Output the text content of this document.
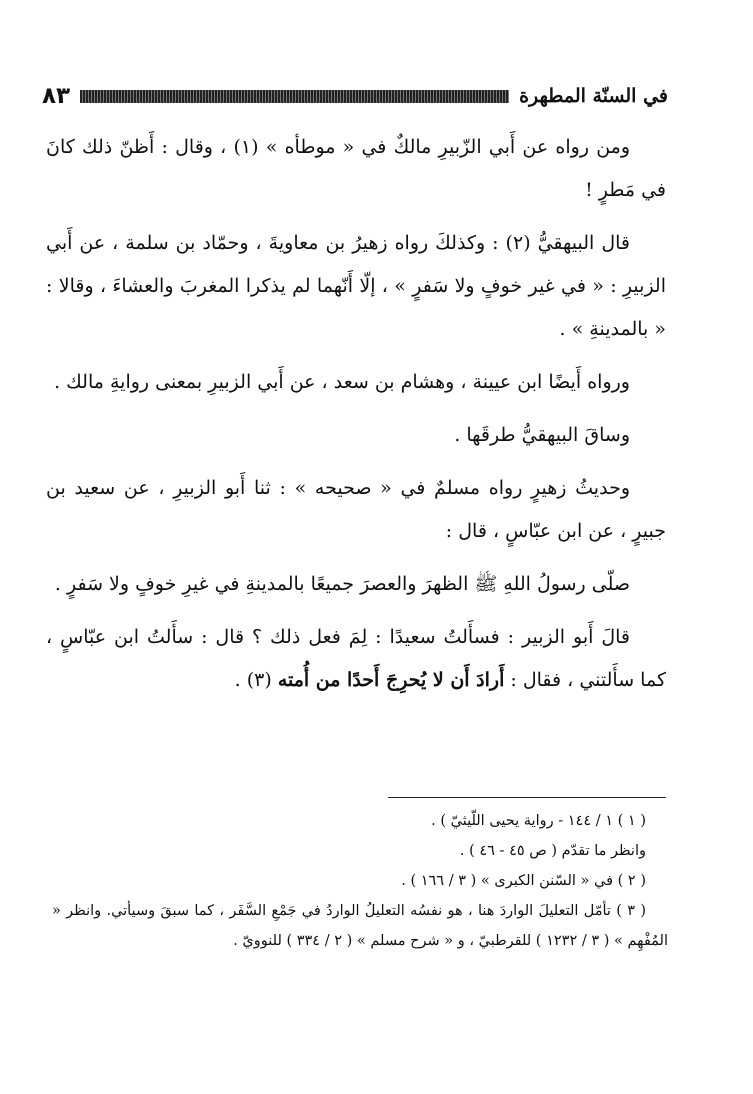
في السنّة المطهرة
٨٣

ومن رواه عن أَبي الزّبيرِ مالكٌ في « موطأه » (١) ، وقال : أَظنّ ذلك كانَ في مَطرٍ !

قال البيهقيُّ (٢) : وكذلكَ رواه زهيرُ بن معاويةَ ، وحمّاد بن سلمة ، عن أَبي الزبيرِ : « في غير خوفٍ ولا سَفرٍ » ، إلّا أَنّهما لم يذكرا المغربَ والعشاءَ ، وقالا : « بالمدينةِ » .

ورواه أَيضًا ابن عيينة ، وهشام بن سعد ، عن أَبي الزبيرِ بمعنى روايةِ مالك .

وساقَ البيهقيُّ طرقَها .

وحديثُ زهيرٍ رواه مسلمٌ في « صحيحه » : ثنا أَبو الزبيرِ ، عن سعيد بن جبيرٍ ، عن ابن عبّاسٍ ، قال :

صلّى رسولُ اللهِ ﷺ الظهرَ والعصرَ جميعًا بالمدينةِ في غيرِ خوفٍ ولا سَفرٍ .

قالَ أَبو الزبير : فسأَلتُ سعيدًا : لِمَ فعل ذلك ؟ قال : سأَلتُ ابن عبّاسٍ ، كما سأَلتني ، فقال : أَرادَ أَن لا يُحرِجَ أَحدًا من أُمته (٣) .

( ١ ) ١ / ١٤٤ - رواية يحيى اللّيثيّ ) .

وانظر ما تقدّم ( ص ٤٥ - ٤٦ ) .

( ٢ ) في « السّنن الكبرى » ( ٣ / ١٦٦ ) .

( ٣ ) تأمّل التعليلَ الواردَ هنا ، هو نفسُه التعليلُ الواردُ في جَمْعِ السَّفَر ، كما سبقَ وسيأتي. وانظر « المُفْهِم » ( ٣ / ١٢٣٢ ) للقرطبيّ ، و « شرح مسلم » ( ٢ / ٣٣٤ ) للنوويّ .
